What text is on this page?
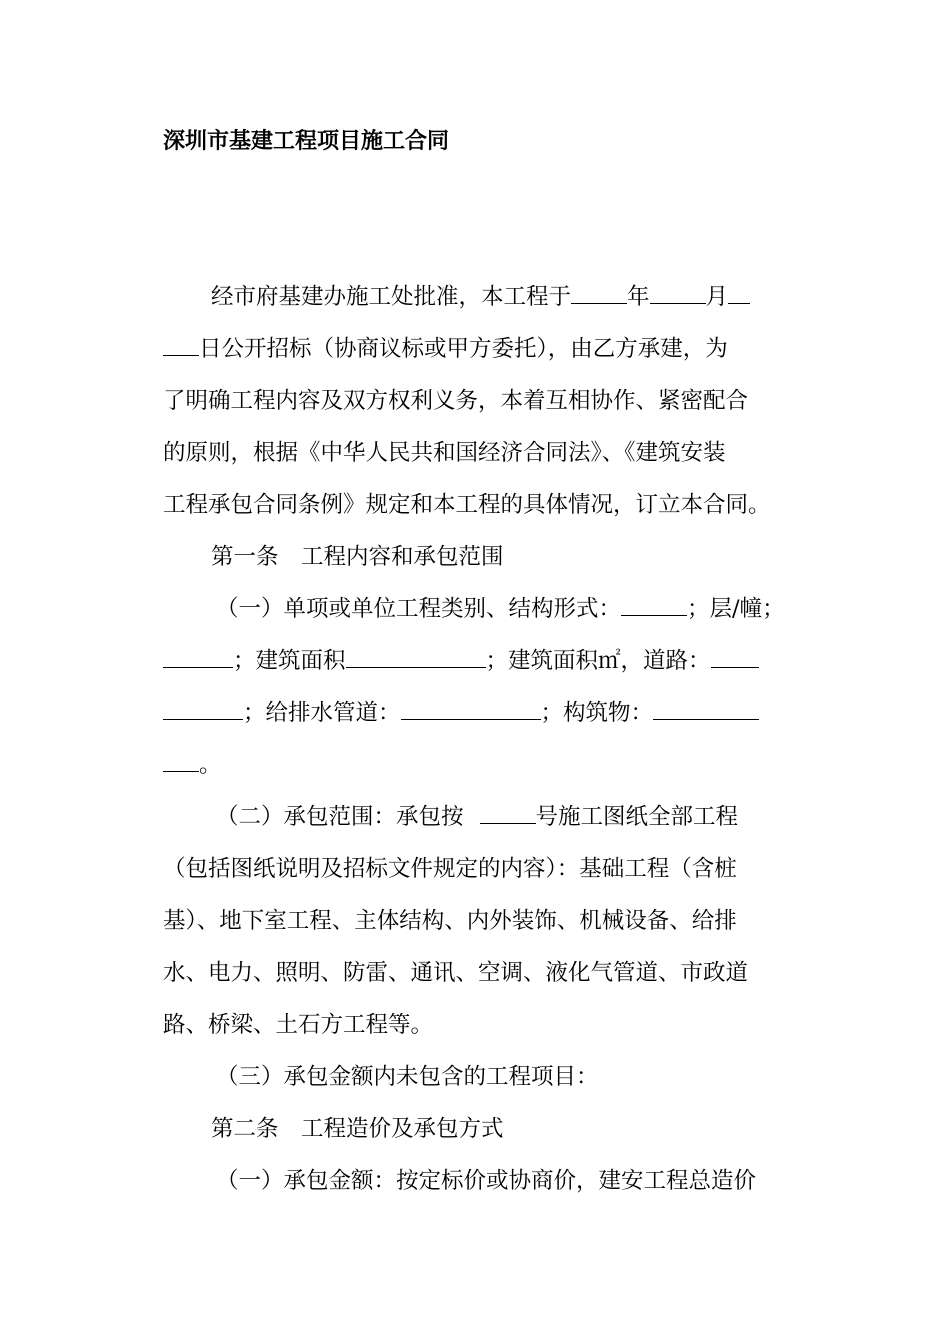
深圳市基建工程项目施工合同
经市府基建办施工处批准，本工程于 年 月
日公开招标（协商议标或甲方委托），由乙方承建，为
了明确工程内容及双方权利义务，本着互相协作、紧密配合
的原则，根据《中华人民共和国经济合同法》、《建筑安装
工程承包合同条例》规定和本工程的具体情况，订立本合同。
第一条　工程内容和承包范围
（一）单项或单位工程类别、结构形式：	；层/幢；
；建筑面积	；建筑面积㎡，道路：
；给排水管道：	；构筑物：
。
（二）承包范围：承包按	号施工图纸全部工程
（包括图纸说明及招标文件规定的内容）：基础工程（含桩
基）、地下室工程、主体结构、内外装饰、机械设备、给排
水、电力、照明、防雷、通讯、空调、液化气管道、市政道
路、桥梁、土石方工程等。
（三）承包金额内未包含的工程项目：
第二条　工程造价及承包方式
（一）承包金额：按定标价或协商价，建安工程总造价
